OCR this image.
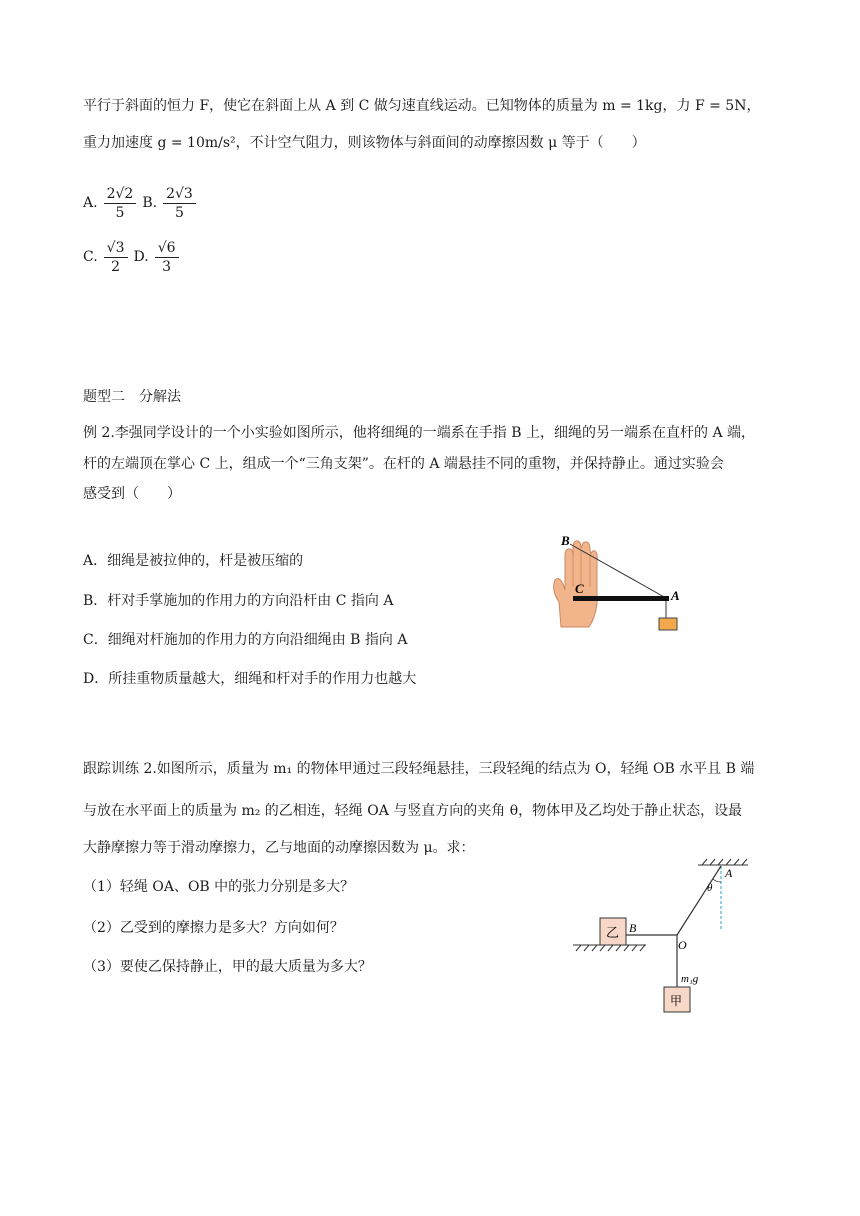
平行于斜面的恒力 F，使它在斜面上从 A 到 C 做匀速直线运动。已知物体的质量为 m = 1kg，力 F = 5N，
重力加速度 g = 10m/s²，不计空气阻力，则该物体与斜面间的动摩擦因数 μ 等于（　　）
A. $\frac{2√2}{5} B$. $\frac{2√3}{5}$
C. $\frac{√3}{2} D$. $\frac{√6}{3}$
题型二　分解法
例 2.李强同学设计的一个小实验如图所示，他将细绳的一端系在手指 B 上，细绳的另一端系在直杆的 A 端，
杆的左端顶在掌心 C 上，组成一个“三角支架”。在杆的 A 端悬挂不同的重物，并保持静止。通过实验会
感受到（　　）
A．细绳是被拉伸的，杆是被压缩的
B．杆对手掌施加的作用力的方向沿杆由 C 指向 A
C．细绳对杆施加的作用力的方向沿细绳由 B 指向 A
D．所挂重物质量越大，细绳和杆对手的作用力也越大
B
C	A
跟踪训练 2.如图所示，质量为 m₁ 的物体甲通过三段轻绳悬挂，三段轻绳的结点为 O，轻绳 OB 水平且 B 端
与放在水平面上的质量为 m₂ 的乙相连，轻绳 OA 与竖直方向的夹角 θ，物体甲及乙均处于静止状态，设最
大静摩擦力等于滑动摩擦力，乙与地面的动摩擦因数为 μ。求：
（1）轻绳 OA、OB 中的张力分别是多大？
（2）乙受到的摩擦力是多大？方向如何？
（3）要使乙保持静止，甲的最大质量为多大？
A
θ
B
O
乙
甲
m₁g
